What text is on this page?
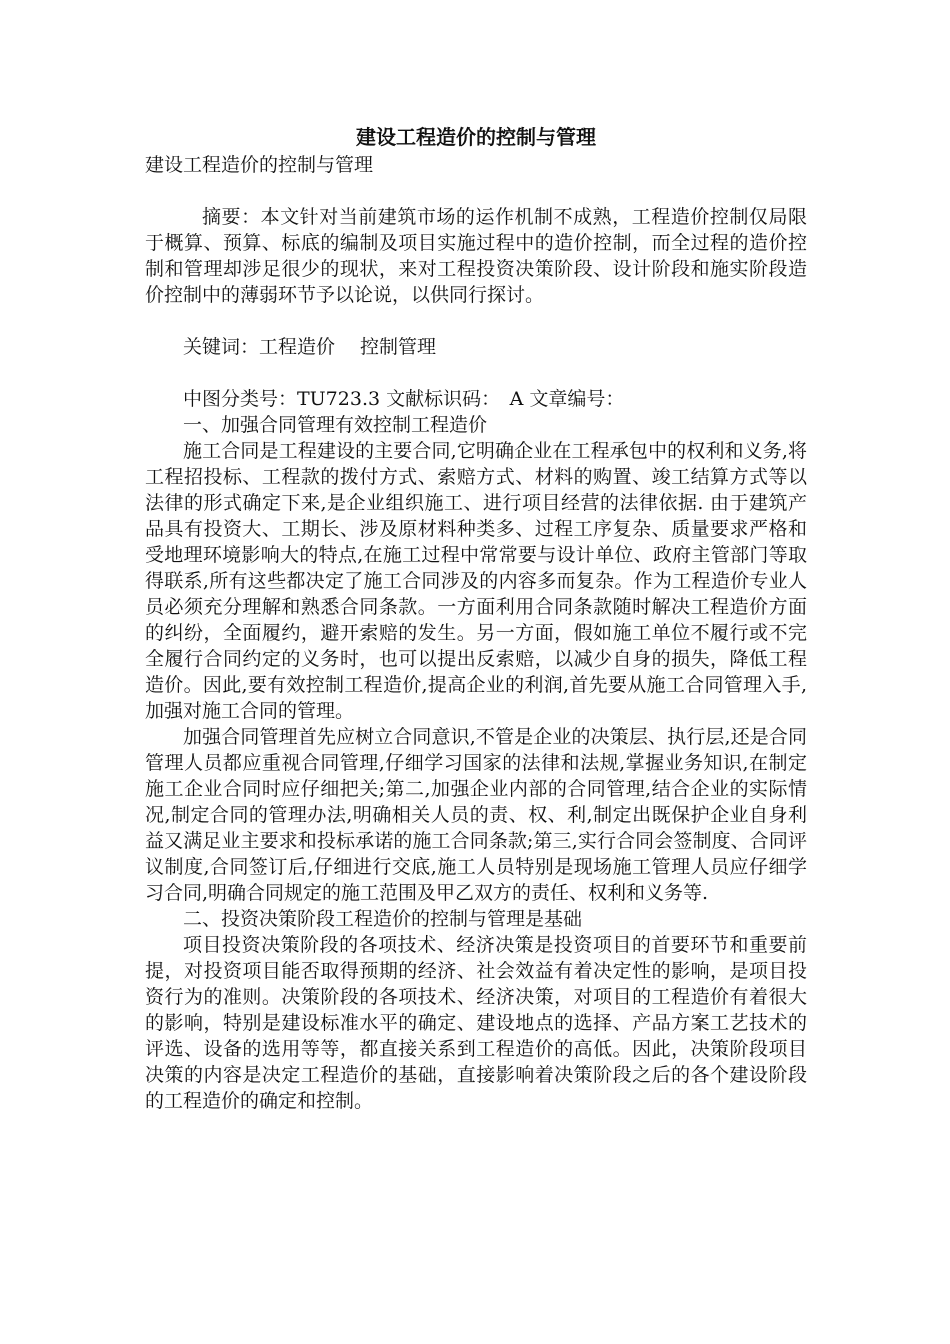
建设工程造价的控制与管理

建设工程造价的控制与管理

摘要：本文针对当前建筑市场的运作机制不成熟，工程造价控制仅局限于概算、预算、标底的编制及项目实施过程中的造价控制，而全过程的造价控制和管理却涉足很少的现状，来对工程投资决策阶段、设计阶段和施实阶段造价控制中的薄弱环节予以论说，以供同行探讨。

关键词：工程造价　 控制管理

中图分类号：TU723.3 文献标识码：　A 文章编号：

一、加强合同管理有效控制工程造价

施工合同是工程建设的主要合同,它明确企业在工程承包中的权利和义务,将工程招投标、工程款的拨付方式、索赔方式、材料的购置、竣工结算方式等以法律的形式确定下来,是企业组织施工、进行项目经营的法律依据. 由于建筑产品具有投资大、工期长、涉及原材料种类多、过程工序复杂、质量要求严格和受地理环境影响大的特点,在施工过程中常常要与设计单位、政府主管部门等取得联系,所有这些都决定了施工合同涉及的内容多而复杂。作为工程造价专业人员必须充分理解和熟悉合同条款。一方面利用合同条款随时解决工程造价方面的纠纷，全面履约，避开索赔的发生。另一方面，假如施工单位不履行或不完全履行合同约定的义务时，也可以提出反索赔，以减少自身的损失，降低工程造价。因此,要有效控制工程造价,提高企业的利润,首先要从施工合同管理入手,加强对施工合同的管理。

加强合同管理首先应树立合同意识,不管是企业的决策层、执行层,还是合同管理人员都应重视合同管理,仔细学习国家的法律和法规,掌握业务知识,在制定施工企业合同时应仔细把关;第二,加强企业内部的合同管理,结合企业的实际情况,制定合同的管理办法,明确相关人员的责、权、利,制定出既保护企业自身利益又满足业主要求和投标承诺的施工合同条款;第三,实行合同会签制度、合同评议制度,合同签订后,仔细进行交底,施工人员特别是现场施工管理人员应仔细学习合同,明确合同规定的施工范围及甲乙双方的责任、权利和义务等.

二、投资决策阶段工程造价的控制与管理是基础

项目投资决策阶段的各项技术、经济决策是投资项目的首要环节和重要前提，对投资项目能否取得预期的经济、社会效益有着决定性的影响，是项目投资行为的准则。决策阶段的各项技术、经济决策，对项目的工程造价有着很大的影响，特别是建设标准水平的确定、建设地点的选择、产品方案工艺技术的评选、设备的选用等等，都直接关系到工程造价的高低。因此，决策阶段项目决策的内容是决定工程造价的基础，直接影响着决策阶段之后的各个建设阶段的工程造价的确定和控制。
